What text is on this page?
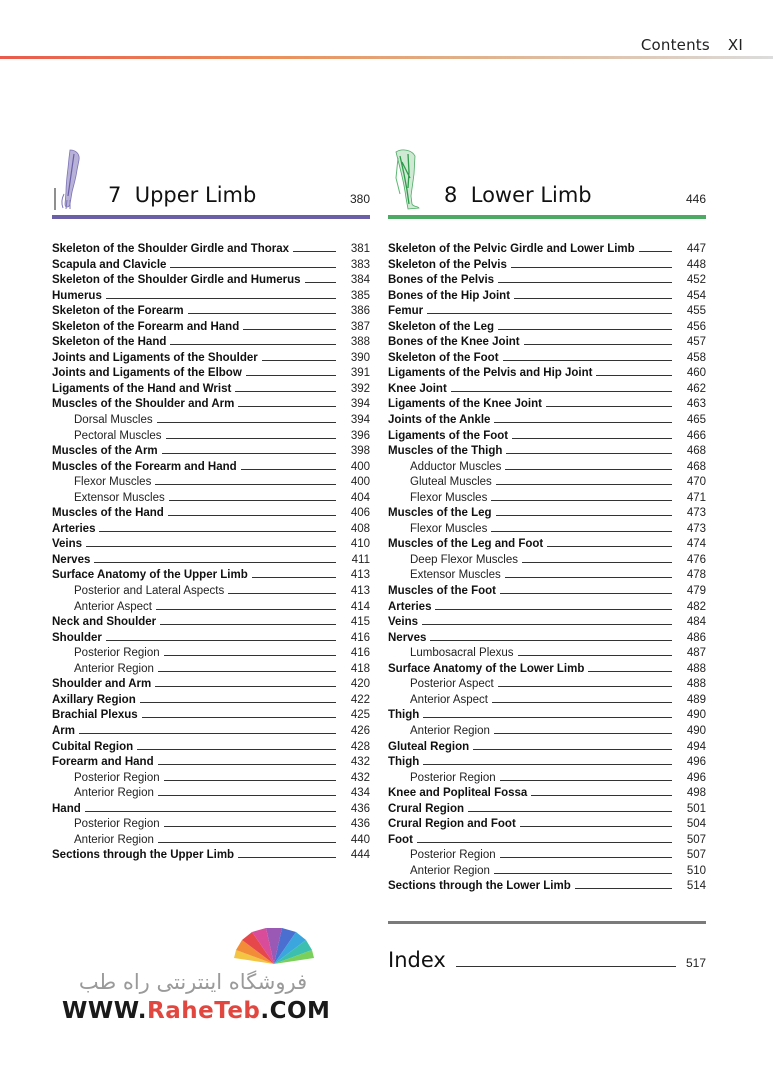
Contents XI
7 Upper Limb	380
Skeleton of the Shoulder Girdle and Thorax	381
Scapula and Clavicle	383
Skeleton of the Shoulder Girdle and Humerus	384
Humerus	385
Skeleton of the Forearm	386
Skeleton of the Forearm and Hand	387
Skeleton of the Hand	388
Joints and Ligaments of the Shoulder	390
Joints and Ligaments of the Elbow	391
Ligaments of the Hand and Wrist	392
Muscles of the Shoulder and Arm	394
Dorsal Muscles	394
Pectoral Muscles	396
Muscles of the Arm	398
Muscles of the Forearm and Hand	400
Flexor Muscles	400
Extensor Muscles	404
Muscles of the Hand	406
Arteries	408
Veins	410
Nerves	411
Surface Anatomy of the Upper Limb	413
Posterior and Lateral Aspects	413
Anterior Aspect	414
Neck and Shoulder	415
Shoulder	416
Posterior Region	416
Anterior Region	418
Shoulder and Arm	420
Axillary Region	422
Brachial Plexus	425
Arm	426
Cubital Region	428
Forearm and Hand	432
Posterior Region	432
Anterior Region	434
Hand	436
Posterior Region	436
Anterior Region	440
Sections through the Upper Limb	444
8 Lower Limb	446
Skeleton of the Pelvic Girdle and Lower Limb	447
Skeleton of the Pelvis	448
Bones of the Pelvis	452
Bones of the Hip Joint	454
Femur	455
Skeleton of the Leg	456
Bones of the Knee Joint	457
Skeleton of the Foot	458
Ligaments of the Pelvis and Hip Joint	460
Knee Joint	462
Ligaments of the Knee Joint	463
Joints of the Ankle	465
Ligaments of the Foot	466
Muscles of the Thigh	468
Adductor Muscles	468
Gluteal Muscles	470
Flexor Muscles	471
Muscles of the Leg	473
Flexor Muscles	473
Muscles of the Leg and Foot	474
Deep Flexor Muscles	476
Extensor Muscles	478
Muscles of the Foot	479
Arteries	482
Veins	484
Nerves	486
Lumbosacral Plexus	487
Surface Anatomy of the Lower Limb	488
Posterior Aspect	488
Anterior Aspect	489
Thigh	490
Anterior Region	490
Gluteal Region	494
Thigh	496
Posterior Region	496
Knee and Popliteal Fossa	498
Crural Region	501
Crural Region and Foot	504
Foot	507
Posterior Region	507
Anterior Region	510
Sections through the Lower Limb	514
Index	517
فروشگاه اینترنتی راه طب
WWW.RaheTeb.COM
